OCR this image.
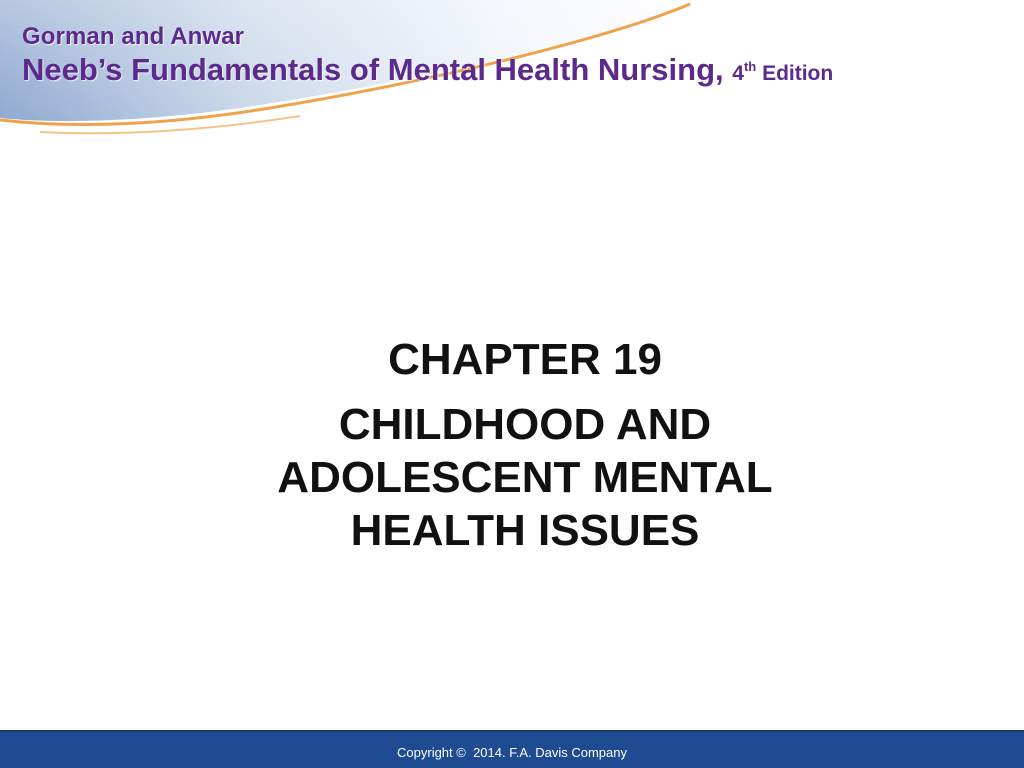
Gorman and Anwar
Neeb’s Fundamentals of Mental Health Nursing, 4th Edition
CHAPTER 19
CHILDHOOD AND
ADOLESCENT MENTAL
HEALTH ISSUES
Copyright ©  2014. F.A. Davis Company
